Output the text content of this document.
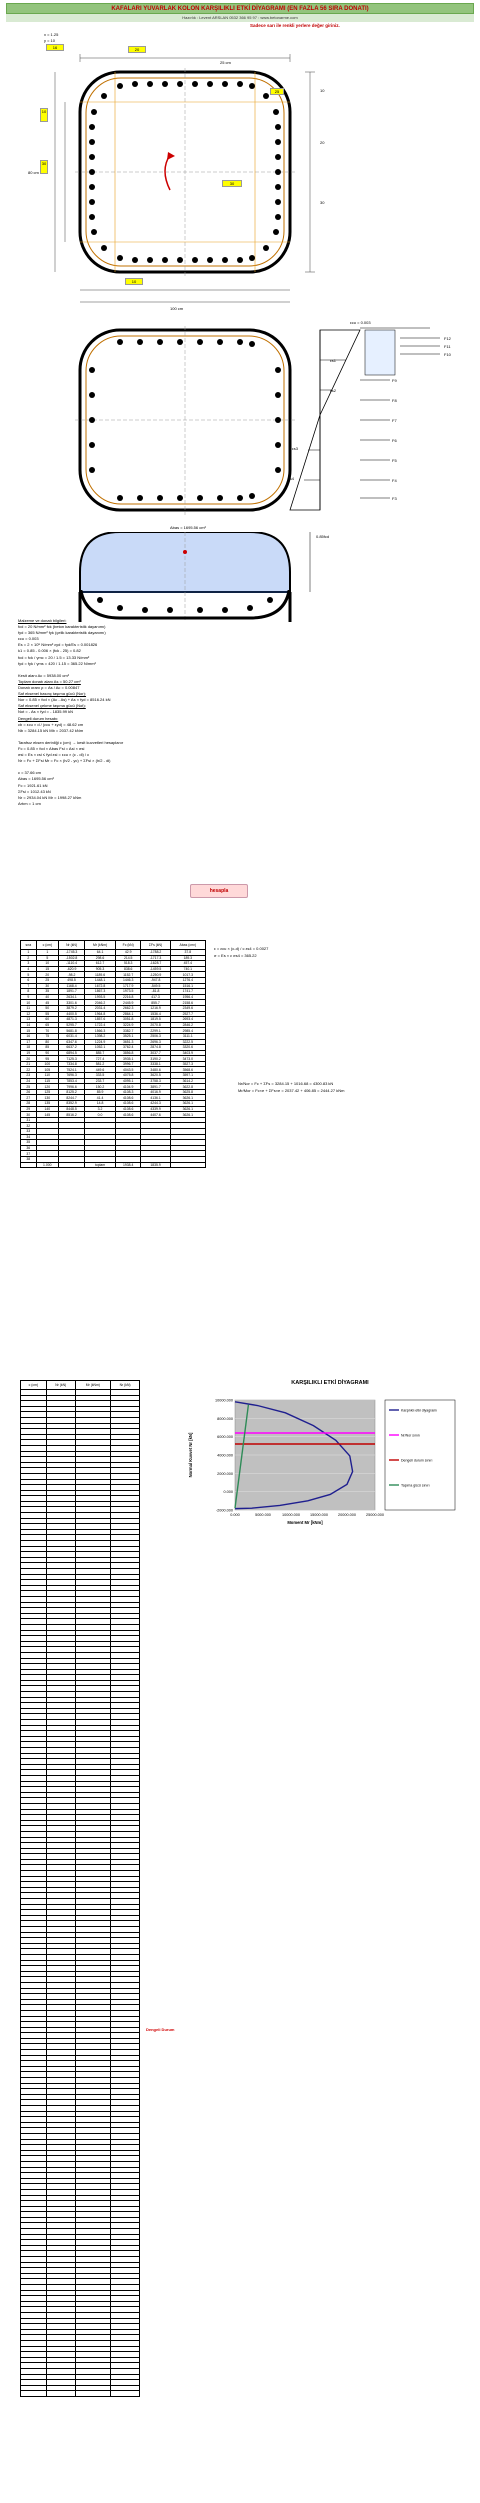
KAFALARI YUVARLAK KOLON KARŞILIKLI ETKİ DİYAGRAMI (EN FAZLA 56 SIRA DONATI)
Hazırlık : Levent ARSLAN 0532 366 95 97 : www.betonarme.com
Sadece sarı ile renkli yerlere değer giriniz.
x = 1.25
y = 10
16	20
25 cm
25
10
30
30
10
10
20
30
80 cm
100 cm
εcu = 0.003
F12
F11
F10
F9
F8
F7
F6
F5
F4
F3
εs1
εs2
εs3
εs4
Abas = 1695.56 cm²
0.85fcd
Malzeme ve donatı bilgileri:
fcd = 20 N/mm² fck (beton karakteristik dayanımı)
fyd = 365 N/mm² fyk (çelik karakteristik dayanımı)
εcu = 0.003
Es = 2 × 10⁵ N/mm² εyd = fyd/Es = 0.001826
k1 = 0.85 - 0.006 × (fck - 25) = 0.82
fcd = fck / γmc = 20 / 1.5 = 13.33 N/mm²
fyd = fyk / γms = 420 / 1.15 = 365.22 N/mm²

Kesit alanı Ac = 5938.00 cm²
Toplam donatı alanı As = 50.27 cm²
Donatı oranı ρ = As / Ac = 0.00847
Saf eksenel basınç taşıma gücü (Nor):
Nor = 0.85 × fcd × (Ac - As) + As × fyd = 8516.24 kN
Saf eksenel çekme taşıma gücü (Not):
Not = - As × fyd = - 1835.99 kN
Dengeli durum hesabı:
cb = εcu × d / (εcu + εyd) = 48.62 cm
Nb = 3284.15 kN Mb = 2037.42 kNm

Tarafsız eksen derinliği c (cm) → kesit kuvvetleri hesaplanır
Fc = 0.85 × fcd × Abas Fsi = Asi × σsi
σsi = Es × εsi ≤ fyd εsi = εcu × (c - di) / c
Nr = Fc + ΣFsi Mr = Fc × (h/2 - yc) + ΣFsi × (h/2 - di)

c = 37.66 cm
Abas = 1695.56 cm²
Fc = 1921.61 kN
ΣFsi = 1012.43 kN
Nr = 2934.04 kN Mr = 1998.27 kNm
Artım = 1 cm
hesapla
ε = εcu × (c-d) / c εs4 = 0.0027
σ = Es × ε σs4 = 365.22
Nr/Nor = Fc + ΣFs = 3284.15 + 1016.68 = 4300.83 kN
Mr/Mor = Fc×e + ΣFs×e = 2037.42 + 406.85 = 2444.27 kNm
sıra	c (cm)	Nr (kN)	Mr (kNm)	Fc (kN)	ΣFs (kN)	Abas (cm²)
1	1	-1745.3	64.1	42.9	-1788.2	37.8
2	5	-1502.8	298.6	214.5	-1717.3	189.3
3	10	-1110.4	612.7	518.3	-1628.7	457.4
4	15	-620.9	905.3	838.6	-1459.5	740.1
5	20	-98.2	1189.6	1152.7	-1250.9	1017.3
6	25	498.5	1448.1	1446.3	-947.8	1276.4
7	30	1168.4	1672.8	1717.9	-549.5	1516.1
8	35	1891.7	1867.3	1973.5	-81.8	1741.7
9	40	2634.1	1993.5	2216.8	417.3	1956.4
10	45	3301.6	2046.2	2445.9	855.7	2158.6
11	50	3879.2	2031.4	2662.3	1216.9	2349.6
12	55	4400.5	1964.8	2864.1	1536.4	2527.7
13	60	4871.3	1857.6	3051.8	1819.5	2693.4
14	65	5295.7	1722.4	3224.9	2070.8	2846.2
15	70	5681.8	1566.3	3382.7	2299.1	2985.4
16	75	6031.4	1398.2	3525.1	2506.3	3111.1
17	80	6347.6	1224.9	3651.3	2696.3	3222.5
18	85	6637.2	1052.1	3762.4	2874.8	3320.6
19	90	6894.5	885.7	3856.8	3037.7	3403.9
20	95	7125.3	727.4	3935.1	3190.2	3473.0
21	100	7334.8	581.2	3996.7	3338.1	3527.3
22	105	7524.1	449.6	4043.5	3480.6	3568.6
23	110	7696.3	333.5	4075.8	3620.5	3597.1
24	115	7853.4	233.7	4095.1	3758.3	3614.2
25	120	7996.6	150.2	4104.9	3891.7	3622.8
26	125	8125.2	85.9	4108.3	4016.9	3625.8
27	130	8244.7	41.4	4108.6	4136.1	3626.1
28	135	8352.9	14.8	4108.6	4244.3	3626.1
29	140	8448.5	3.2	4108.6	4339.9	3626.1
30	145	8516.2	0.0	4108.6	4407.6	3626.1
31						
32						
33						
34						
35						
36						
37						
38						
	1.000		toplam	1938.4	1835.9	
KARŞILIKLI ETKİ DİYAGRAMI
10000.000
8000.000
6000.000
4000.000
2000.000
0.000
-2000.000
0.000	5000.000	10000.000	15000.000	20000.000	25000.000
Moment Mr [kNm]
Normal Kuvvet Nr [kN]
Karşılıklı etki diyagramı
Nr/Nor sınırı
Dengeli durum sınırı
Taşıma gücü sınırı
c (cm)	Nr (kN)	Mr (kNm)	Nr (kN)

Dengeli Durum
